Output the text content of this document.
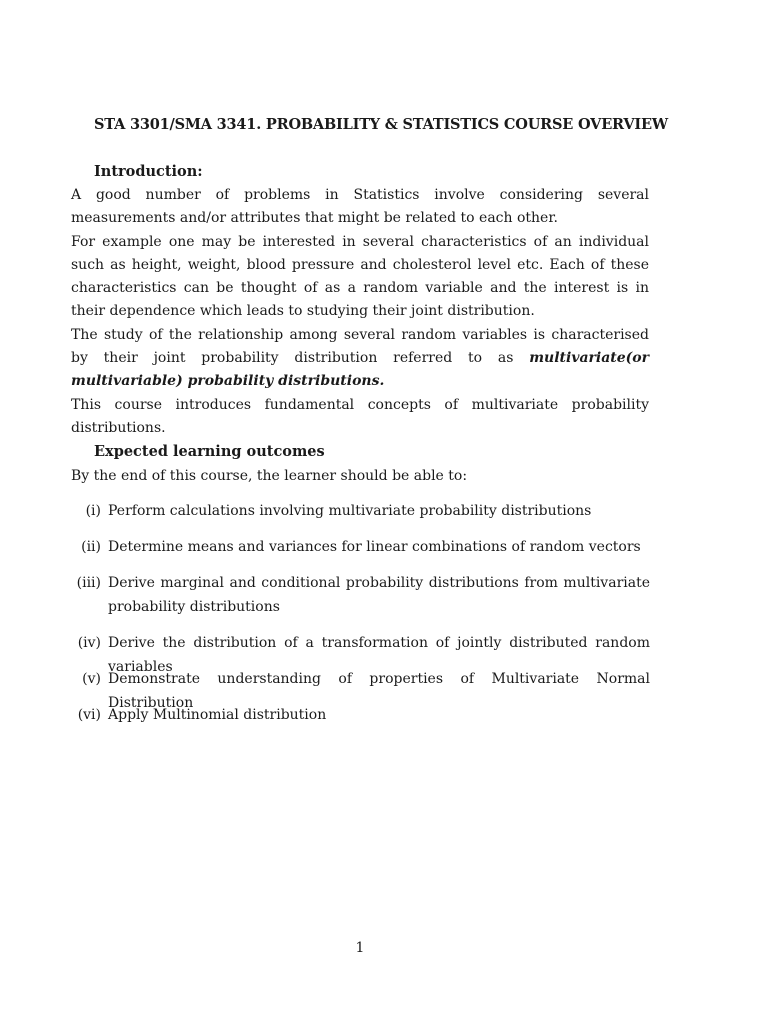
STA 3301/SMA 3341. PROBABILITY & STATISTICS COURSE OVERVIEW
Introduction:

A good number of problems in Statistics involve considering several measurements and/or attributes that might be related to each other.

For example one may be interested in several characteristics of an individual such as height, weight, blood pressure and cholesterol level etc. Each of these characteristics can be thought of as a random variable and the interest is in their dependence which leads to studying their joint distribution.

The study of the relationship among several random variables is characterised by their joint probability distribution referred to as multivariate(or multivariable) probability distributions.

This course introduces fundamental concepts of multivariate probability distributions.

Expected learning outcomes
By the end of this course, the learner should be able to:
(i) Perform calculations involving multivariate probability distributions
(ii) Determine means and variances for linear combinations of random vectors
(iii) Derive marginal and conditional probability distributions from multivariate probability distributions
(iv) Derive the distribution of a transformation of jointly distributed random variables
(v) Demonstrate understanding of properties of Multivariate Normal Distribution
(vi) Apply Multinomial distribution
1
